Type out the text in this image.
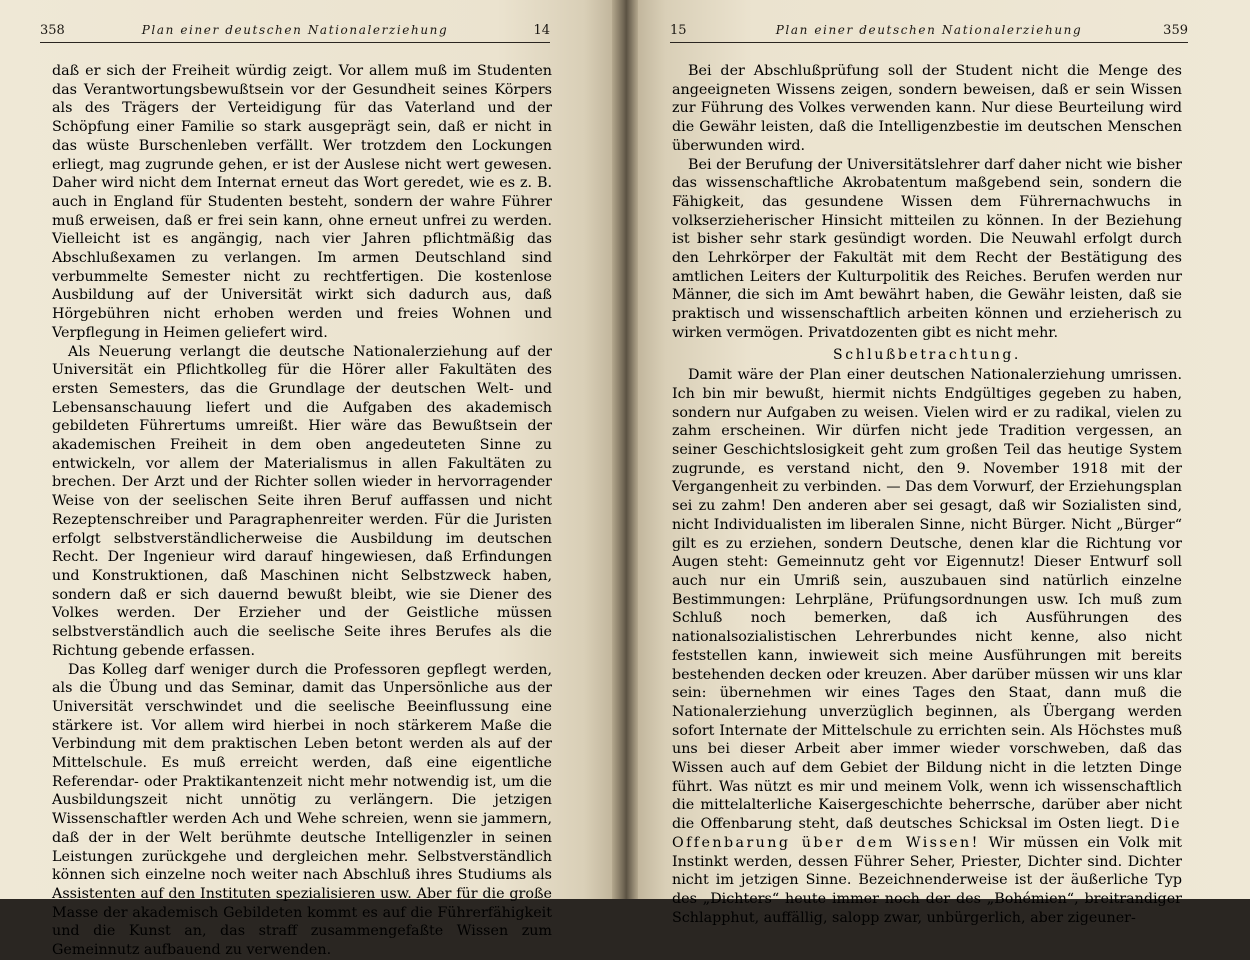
358	Plan einer deutschen Nationalerziehung	14	15	Plan einer deutschen Nationalerziehung	359

daß er sich der Freiheit würdig zeigt. Vor allem muß im Studenten das Verantwortungsbewußtsein vor der Gesundheit seines Körpers als des Trägers der Verteidigung für das Vaterland und der Schöpfung einer Familie so stark ausgeprägt sein, daß er nicht in das wüste Burschenleben verfällt. Wer trotzdem den Lockungen erliegt, mag zugrunde gehen, er ist der Auslese nicht wert gewesen. Daher wird nicht dem Internat erneut das Wort geredet, wie es z. B. auch in England für Studenten besteht, sondern der wahre Führer muß erweisen, daß er frei sein kann, ohne erneut unfrei zu werden. Vielleicht ist es angängig, nach vier Jahren pflichtmäßig das Abschlußexamen zu verlangen. Im armen Deutschland sind verbummelte Semester nicht zu rechtfertigen. Die kostenlose Ausbildung auf der Universität wirkt sich dadurch aus, daß Hörgebühren nicht erhoben werden und freies Wohnen und Verpflegung in Heimen geliefert wird.

Als Neuerung verlangt die deutsche Nationalerziehung auf der Universität ein Pflichtkolleg für die Hörer aller Fakultäten des ersten Semesters, das die Grundlage der deutschen Welt- und Lebensanschauung liefert und die Aufgaben des akademisch gebildeten Führertums umreißt. Hier wäre das Bewußtsein der akademischen Freiheit in dem oben angedeuteten Sinne zu entwickeln, vor allem der Materialismus in allen Fakultäten zu brechen. Der Arzt und der Richter sollen wieder in hervorragender Weise von der seelischen Seite ihren Beruf auffassen und nicht Rezeptenschreiber und Paragraphenreiter werden. Für die Juristen erfolgt selbstverständlicherweise die Ausbildung im deutschen Recht. Der Ingenieur wird darauf hingewiesen, daß Erfindungen und Konstruktionen, daß Maschinen nicht Selbstzweck haben, sondern daß er sich dauernd bewußt bleibt, wie sie Diener des Volkes werden. Der Erzieher und der Geistliche müssen selbstverständlich auch die seelische Seite ihres Berufes als die Richtung gebende erfassen.

Das Kolleg darf weniger durch die Professoren gepflegt werden, als die Übung und das Seminar, damit das Unpersönliche aus der Universität verschwindet und die seelische Beeinflussung eine stärkere ist. Vor allem wird hierbei in noch stärkerem Maße die Verbindung mit dem praktischen Leben betont werden als auf der Mittelschule. Es muß erreicht werden, daß eine eigentliche Referendar- oder Praktikantenzeit nicht mehr notwendig ist, um die Ausbildungszeit nicht unnötig zu verlängern. Die jetzigen Wissenschaftler werden Ach und Wehe schreien, wenn sie jammern, daß der in der Welt berühmte deutsche Intelligenzler in seinen Leistungen zurückgehe und dergleichen mehr. Selbstverständlich können sich einzelne noch weiter nach Abschluß ihres Studiums als Assistenten auf den Instituten spezialisieren usw. Aber für die große Masse der akademisch Gebildeten kommt es auf die Führerfähigkeit und die Kunst an, das straff zusammengefaßte Wissen zum Gemeinnutz aufbauend zu verwenden.

Bei der Abschlußprüfung soll der Student nicht die Menge des angeeigneten Wissens zeigen, sondern beweisen, daß er sein Wissen zur Führung des Volkes verwenden kann. Nur diese Beurteilung wird die Gewähr leisten, daß die Intelligenzbestie im deutschen Menschen überwunden wird.

Bei der Berufung der Universitätslehrer darf daher nicht wie bisher das wissenschaftliche Akrobatentum maßgebend sein, sondern die Fähigkeit, das gesundene Wissen dem Führernachwuchs in volkserzieherischer Hinsicht mitteilen zu können. In der Beziehung ist bisher sehr stark gesündigt worden. Die Neuwahl erfolgt durch den Lehrkörper der Fakultät mit dem Recht der Bestätigung des amtlichen Leiters der Kulturpolitik des Reiches. Berufen werden nur Männer, die sich im Amt bewährt haben, die Gewähr leisten, daß sie praktisch und wissenschaftlich arbeiten können und erzieherisch zu wirken vermögen. Privatdozenten gibt es nicht mehr.

Schlußbetrachtung.

Damit wäre der Plan einer deutschen Nationalerziehung umrissen. Ich bin mir bewußt, hiermit nichts Endgültiges gegeben zu haben, sondern nur Aufgaben zu weisen. Vielen wird er zu radikal, vielen zu zahm erscheinen. Wir dürfen nicht jede Tradition vergessen, an seiner Geschichtslosigkeit geht zum großen Teil das heutige System zugrunde, es verstand nicht, den 9. November 1918 mit der Vergangenheit zu verbinden. — Das dem Vorwurf, der Erziehungsplan sei zu zahm! Den anderen aber sei gesagt, daß wir Sozialisten sind, nicht Individualisten im liberalen Sinne, nicht Bürger. Nicht „Bürger“ gilt es zu erziehen, sondern Deutsche, denen klar die Richtung vor Augen steht: Gemeinnutz geht vor Eigennutz! Dieser Entwurf soll auch nur ein Umriß sein, auszubauen sind natürlich einzelne Bestimmungen: Lehrpläne, Prüfungsordnungen usw. Ich muß zum Schluß noch bemerken, daß ich Ausführungen des nationalsozialistischen Lehrerbundes nicht kenne, also nicht feststellen kann, inwieweit sich meine Ausführungen mit bereits bestehenden decken oder kreuzen. Aber darüber müssen wir uns klar sein: übernehmen wir eines Tages den Staat, dann muß die Nationalerziehung unverzüglich beginnen, als Übergang werden sofort Internate der Mittelschule zu errichten sein. Als Höchstes muß uns bei dieser Arbeit aber immer wieder vorschweben, daß das Wissen auch auf dem Gebiet der Bildung nicht in die letzten Dinge führt. Was nützt es mir und meinem Volk, wenn ich wissenschaftlich die mittelalterliche Kaisergeschichte beherrsche, darüber aber nicht die Offenbarung steht, daß deutsches Schicksal im Osten liegt. Die Offenbarung über dem Wissen! Wir müssen ein Volk mit Instinkt werden, dessen Führer Seher, Priester, Dichter sind. Dichter nicht im jetzigen Sinne. Bezeichnenderweise ist der äußerliche Typ des „Dichters“ heute immer noch der des „Bohémien“, breitrandiger Schlapphut, auffällig, salopp zwar, unbürgerlich, aber zigeuner-
